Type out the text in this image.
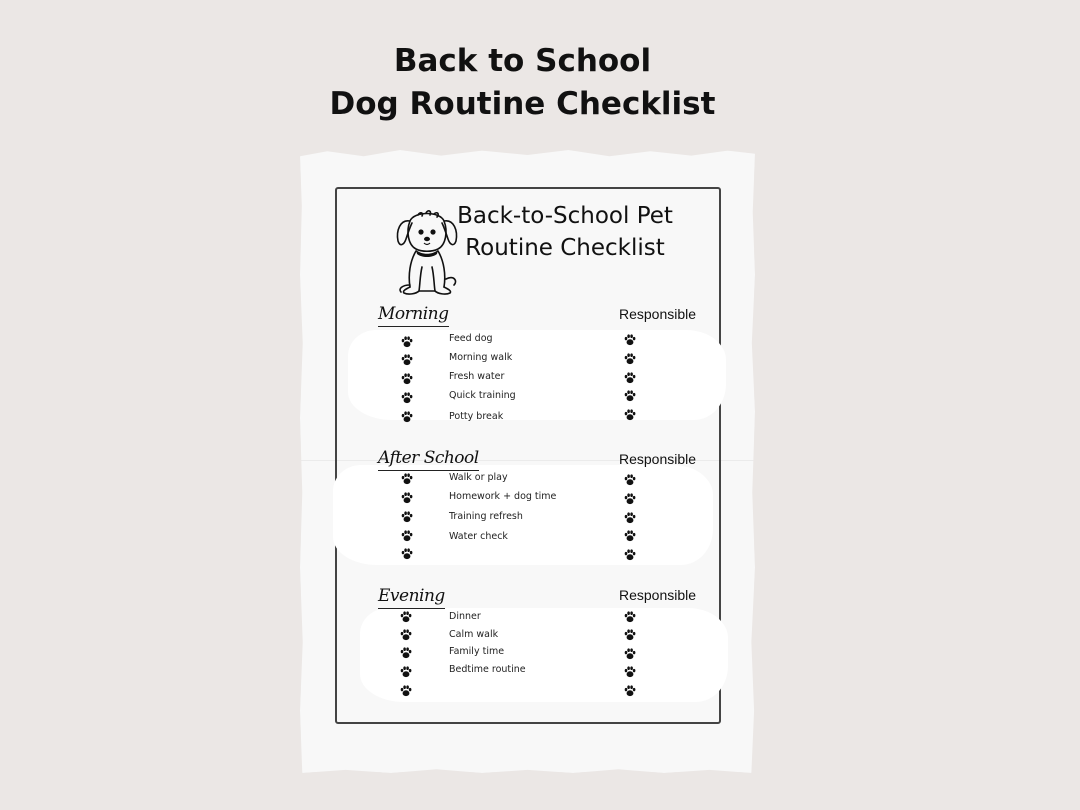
Back to School
Dog Routine Checklist
Back-to-School Pet
Routine Checklist
Morning
After School
Evening
Responsible
Responsible
Responsible
Feed dog
Morning walk
Fresh water
Quick training
Potty break
Walk or play
Homework + dog time
Training refresh
Water check
Dinner
Calm walk
Family time
Bedtime routine
